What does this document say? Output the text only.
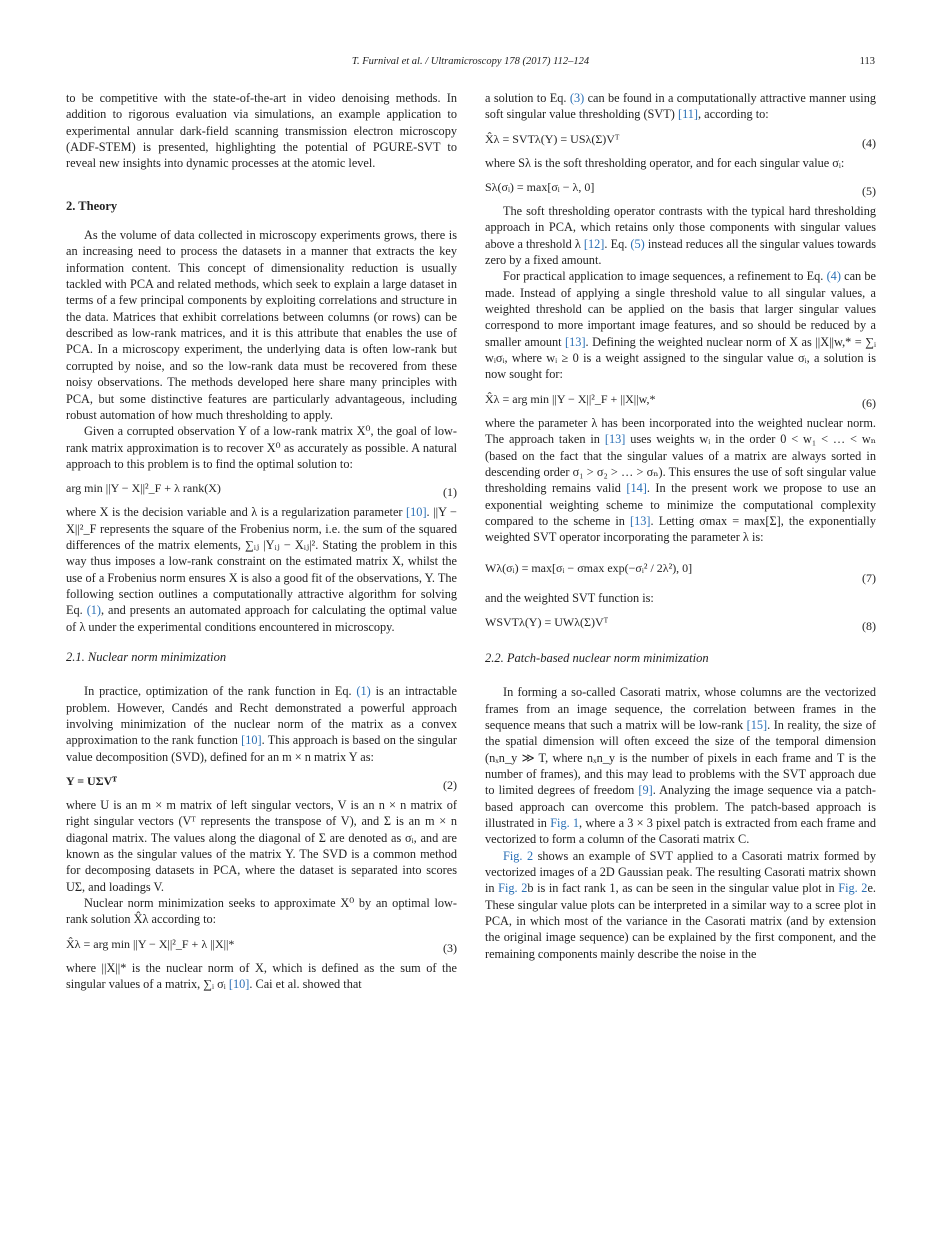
T. Furnival et al. / Ultramicroscopy 178 (2017) 112–124	113

to be competitive with the state-of-the-art in video denoising methods. In addition to rigorous evaluation via simulations, an example application to experimental annular dark-field scanning transmission electron microscopy (ADF-STEM) is presented, highlighting the potential of PGURE-SVT to reveal new insights into dynamic processes at the atomic level.

2. Theory

As the volume of data collected in microscopy experiments grows, there is an increasing need to process the datasets in a manner that extracts the key information content. This concept of dimensionality reduction is usually tackled with PCA and related methods, which seek to explain a large dataset in terms of a few principal components by exploiting correlations and structure in the data. Matrices that exhibit correlations between columns (or rows) can be described as low-rank matrices, and it is this attribute that enables the use of PCA. In a microscopy experiment, the underlying data is often low-rank but corrupted by noise, and so the low-rank data must be recovered from these noisy observations. The methods developed here share many principles with PCA, but some distinctive features are particularly advantageous, including robust automation of how much thresholding to apply.

Given a corrupted observation Y of a low-rank matrix X⁰, the goal of low-rank matrix approximation is to recover X⁰ as accurately as possible. A natural approach to this problem is to find the optimal solution to:

arg min ||Y − X||²_F + λ rank(X)	(1)

where X is the decision variable and λ is a regularization parameter [10]. ||Y − X||²_F represents the square of the Frobenius norm, i.e. the sum of the squared differences of the matrix elements, ∑ᵢⱼ |Yᵢⱼ − Xᵢⱼ|². Stating the problem in this way thus imposes a low-rank constraint on the estimated matrix X, whilst the use of a Frobenius norm ensures X is also a good fit of the observations, Y. The following section outlines a computationally attractive algorithm for solving Eq. (1), and presents an automated approach for calculating the optimal value of λ under the experimental conditions encountered in microscopy.

2.1. Nuclear norm minimization

In practice, optimization of the rank function in Eq. (1) is an intractable problem. However, Candés and Recht demonstrated a powerful approach involving minimization of the nuclear norm of the matrix as a convex approximation to the rank function [10]. This approach is based on the singular value decomposition (SVD), defined for an m × n matrix Y as:

Y = UΣVᵀ	(2)

where U is an m × m matrix of left singular vectors, V is an n × n matrix of right singular vectors (Vᵀ represents the transpose of V), and Σ is an m × n diagonal matrix. The values along the diagonal of Σ are denoted as σᵢ, and are known as the singular values of the matrix Y. The SVD is a common method for decomposing datasets in PCA, where the dataset is separated into scores UΣ, and loadings V.

Nuclear norm minimization seeks to approximate X⁰ by an optimal low-rank solution X̂λ according to:

X̂λ = arg min ||Y − X||²_F + λ ||X||*	(3)

where ||X||* is the nuclear norm of X, which is defined as the sum of the singular values of a matrix, ∑ᵢ σᵢ [10]. Cai et al. showed that

a solution to Eq. (3) can be found in a computationally attractive manner using soft singular value thresholding (SVT) [11], according to:

X̂λ = SVTλ(Y) = USλ(Σ)Vᵀ	(4)

where Sλ is the soft thresholding operator, and for each singular value σᵢ:

Sλ(σᵢ) = max[σᵢ − λ, 0]	(5)

The soft thresholding operator contrasts with the typical hard thresholding approach in PCA, which retains only those components with singular values above a threshold λ [12]. Eq. (5) instead reduces all the singular values towards zero by a fixed amount.

For practical application to image sequences, a refinement to Eq. (4) can be made. Instead of applying a single threshold value to all singular values, a weighted threshold can be applied on the basis that larger singular values correspond to more important image features, and so should be reduced by a smaller amount [13]. Defining the weighted nuclear norm of X as ||X||w,* = ∑ᵢ wᵢσᵢ, where wᵢ ≥ 0 is a weight assigned to the singular value σᵢ, a solution is now sought for:

X̂λ = arg min ||Y − X||²_F + ||X||w,*	(6)

where the parameter λ has been incorporated into the weighted nuclear norm. The approach taken in [13] uses weights wᵢ in the order 0 < w₁ < … < wₙ (based on the fact that the singular values of a matrix are always sorted in descending order σ₁ > σ₂ > … > σₙ). This ensures the use of soft singular value thresholding remains valid [14]. In the present work we propose to use an exponential weighting scheme to minimize the computational complexity compared to the scheme in [13]. Letting σmax = max[Σ], the exponentially weighted SVT operator incorporating the parameter λ is:

Wλ(σᵢ) = max[σᵢ − σmax exp(−σᵢ² / 2λ²), 0]
(7)

and the weighted SVT function is:

WSVTλ(Y) = UWλ(Σ)Vᵀ	(8)
2.2. Patch-based nuclear norm minimization

In forming a so-called Casorati matrix, whose columns are the vectorized frames from an image sequence, the correlation between frames in the sequence means that such a matrix will be low-rank [15]. In reality, the size of the spatial dimension will often exceed the size of the temporal dimension (nₓn_y ≫ T, where nₓn_y is the number of pixels in each frame and T is the number of frames), and this may lead to problems with the SVT approach due to limited degrees of freedom [9]. Analyzing the image sequence via a patch-based approach can overcome this problem. The patch-based approach is illustrated in Fig. 1, where a 3 × 3 pixel patch is extracted from each frame and vectorized to form a column of the Casorati matrix C.

Fig. 2 shows an example of SVT applied to a Casorati matrix formed by vectorized images of a 2D Gaussian peak. The resulting Casorati matrix shown in Fig. 2b is in fact rank 1, as can be seen in the singular value plot in Fig. 2e. These singular value plots can be interpreted in a similar way to a scree plot in PCA, in which most of the variance in the Casorati matrix (and by extension the original image sequence) can be explained by the first component, and the remaining components mainly describe the noise in the
